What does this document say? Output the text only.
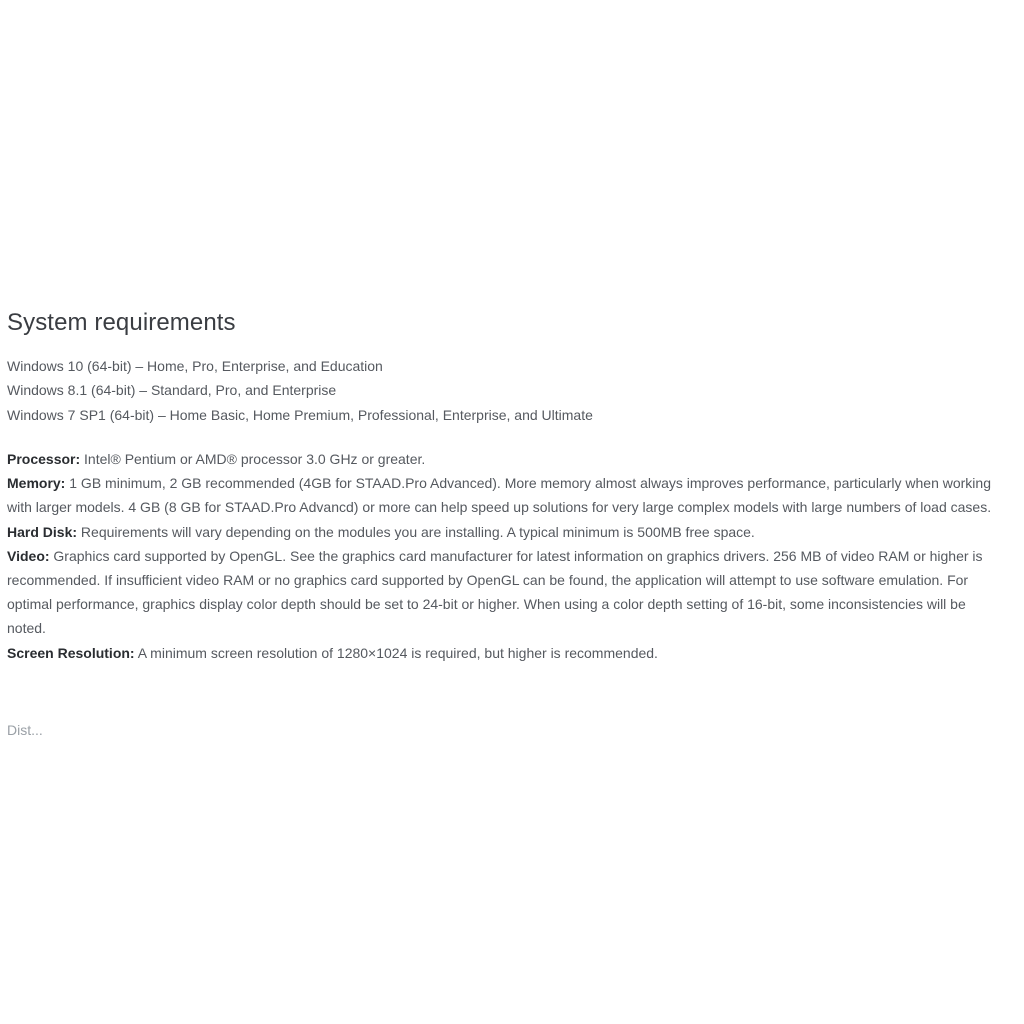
System requirements
Windows 10 (64-bit) – Home, Pro, Enterprise, and Education
Windows 8.1 (64-bit) – Standard, Pro, and Enterprise
Windows 7 SP1 (64-bit) – Home Basic, Home Premium, Professional, Enterprise, and Ultimate
Processor: Intel® Pentium or AMD® processor 3.0 GHz or greater.
Memory: 1 GB minimum, 2 GB recommended (4GB for STAAD.Pro Advanced). More memory almost always improves performance, particularly when working with larger models. 4 GB (8 GB for STAAD.Pro Advancd) or more can help speed up solutions for very large complex models with large numbers of load cases.
Hard Disk: Requirements will vary depending on the modules you are installing. A typical minimum is 500MB free space.
Video: Graphics card supported by OpenGL. See the graphics card manufacturer for latest information on graphics drivers. 256 MB of video RAM or higher is recommended. If insufficient video RAM or no graphics card supported by OpenGL can be found, the application will attempt to use software emulation. For optimal performance, graphics display color depth should be set to 24-bit or higher. When using a color depth setting of 16-bit, some inconsistencies will be noted.
Screen Resolution: A minimum screen resolution of 1280×1024 is required, but higher is recommended.
Dist...
